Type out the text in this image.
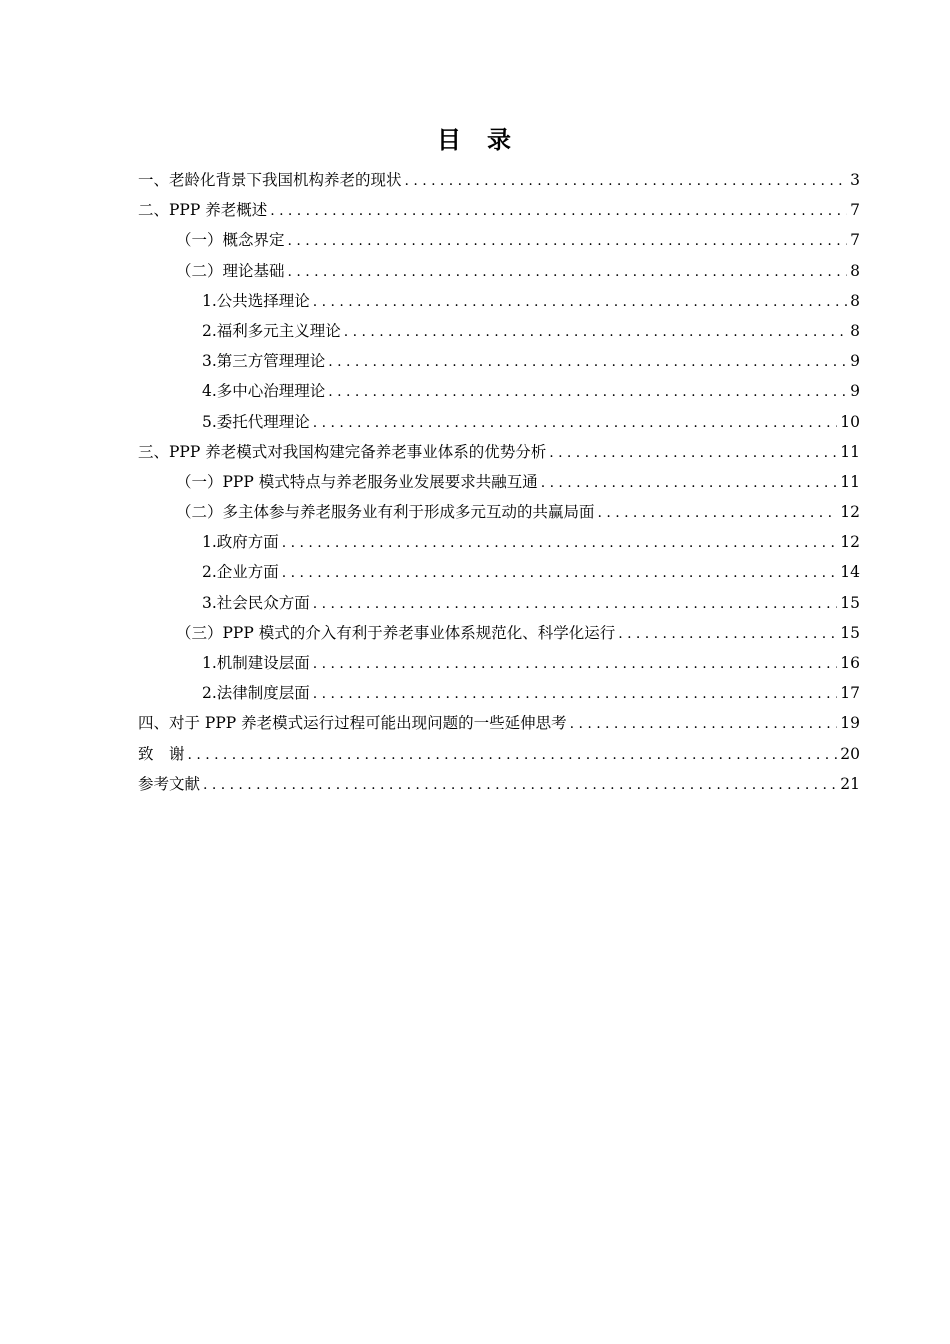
目 录
一、老龄化背景下我国机构养老的现状 .....	3
二、PPP 养老概述 .....	7
（一）概念界定 .....	7
（二）理论基础 .....	8
1.公共选择理论 .....	8
2.福利多元主义理论 .....	8
3.第三方管理理论 .....	9
4.多中心治理理论 .....	9
5.委托代理理论 .....	10
三、PPP 养老模式对我国构建完备养老事业体系的优势分析 .....	11
（一）PPP 模式特点与养老服务业发展要求共融互通 .....	11
（二）多主体参与养老服务业有利于形成多元互动的共赢局面 .....	12
1.政府方面 .....	12
2.企业方面 .....	14
3.社会民众方面 .....	15
（三）PPP 模式的介入有利于养老事业体系规范化、科学化运行 .....	15
1.机制建设层面 .....	16
2.法律制度层面 .....	17
四、对于 PPP 养老模式运行过程可能出现问题的一些延伸思考 .....	19
致　谢 .....	20
参考文献 .....	21
